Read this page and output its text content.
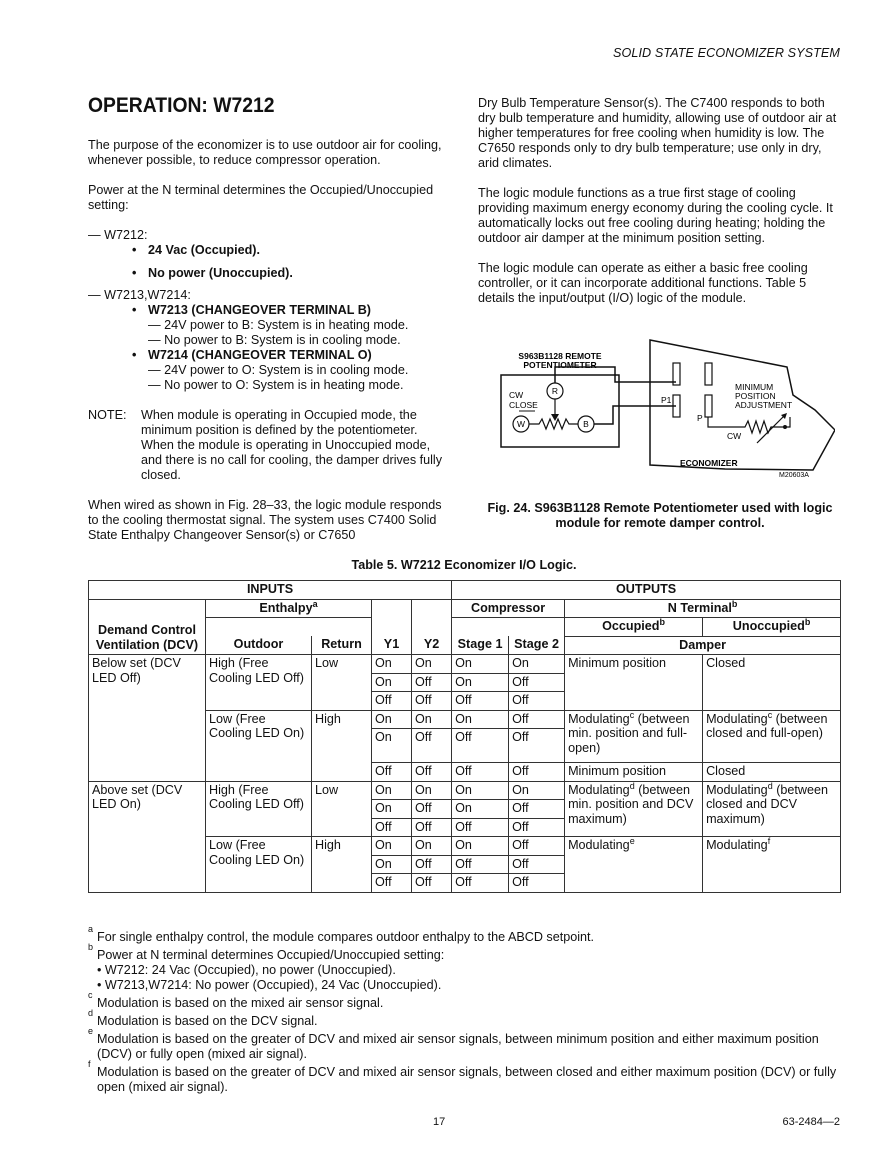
SOLID STATE ECONOMIZER SYSTEM
OPERATION: W7212

The purpose of the economizer is to use outdoor air for cooling, whenever possible, to reduce compressor operation.

Power at the N terminal determines the Occupied/Unoccupied setting:

— W7212:
• 24 Vac (Occupied).
• No power (Unoccupied).
— W7213,W7214:
• W7213 (CHANGEOVER TERMINAL B)
— 24V power to B: System is in heating mode.
— No power to B: System is in cooling mode.
• W7214 (CHANGEOVER TERMINAL O)
— 24V power to O: System is in cooling mode.
— No power to O: System is in heating mode.
NOTE:	When module is operating in Occupied mode, the minimum position is defined by the potentiometer. When the module is operating in Unoccupied mode, and there is no call for cooling, the damper drives fully closed.

When wired as shown in Fig. 28–33, the logic module responds to the cooling thermostat signal. The system uses C7400 Solid State Enthalpy Changeover Sensor(s) or C7650

Dry Bulb Temperature Sensor(s). The C7400 responds to both dry bulb temperature and humidity, allowing use of outdoor air at higher temperatures for free cooling when humidity is low. The C7650 responds only to dry bulb temperature; use only in dry, arid climates.

The logic module functions as a true first stage of cooling providing maximum energy economy during the cooling cycle. It automatically locks out free cooling during heating; holding the outdoor air damper at the minimum position setting.

The logic module can operate as either a basic free cooling controller, or it can incorporate additional functions. Table 5 details the input/output (I/O) logic of the module.

S963B1128 REMOTE
POTENTIOMETER
CW
CLOSE
R
W	B
P1
P
MINIMUM
POSITION
ADJUSTMENT
CW
ECONOMIZER
M20603A
Fig. 24. S963B1128 Remote Potentiometer used with logic module for remote damper control.
Table 5. W7212 Economizer I/O Logic.
INPUTS					OUTPUTS			
Demand Control Ventilation (DCV)	Enthalpy$^a$				Compressor		N Terminal$^b$
							Occupied$^b$	Unoccupied$^b$
	Outdoor	Return	Y1	Y2	Stage 1	Stage 2	Damper	
Below set (DCV LED Off)	High (Free Cooling LED Off)	Low	On	On	On	On	Minimum position	Closed
			On	Off	On	Off		
			Off	Off	Off	Off		
	Low (Free Cooling LED On)	High	On	On	On	Off	Modulating$^c$ (between min. position and full-open)	Modulating$^c$ (between closed and full-open)
			On	Off	Off	Off		
			Off	Off	Off	Off	Minimum position	Closed
Above set (DCV LED On)	High (Free Cooling LED Off)	Low	On	On	On	On	Modulating$^d$ (between min. position and DCV maximum)	Modulating$^d$ (between closed and DCV maximum)
			On	Off	On	Off		
			Off	Off	Off	Off		
	Low (Free Cooling LED On)	High	On	On	On	Off	Modulating$^e$	Modulating$^f$
			On	Off	Off	Off		
			Off	Off	Off	Off		
a
For single enthalpy control, the module compares outdoor enthalpy to the ABCD setpoint.
b
Power at N terminal determines Occupied/Unoccupied setting:
• W7212: 24 Vac (Occupied), no power (Unoccupied).
• W7213,W7214: No power (Occupied), 24 Vac (Unoccupied).
c
Modulation is based on the mixed air sensor signal.
d
Modulation is based on the DCV signal.
e
Modulation is based on the greater of DCV and mixed air sensor signals, between minimum position and either maximum position (DCV) or fully open (mixed air signal).
f
Modulation is based on the greater of DCV and mixed air sensor signals, between closed and either maximum position (DCV) or fully open (mixed air signal).
17	63-2484—2
